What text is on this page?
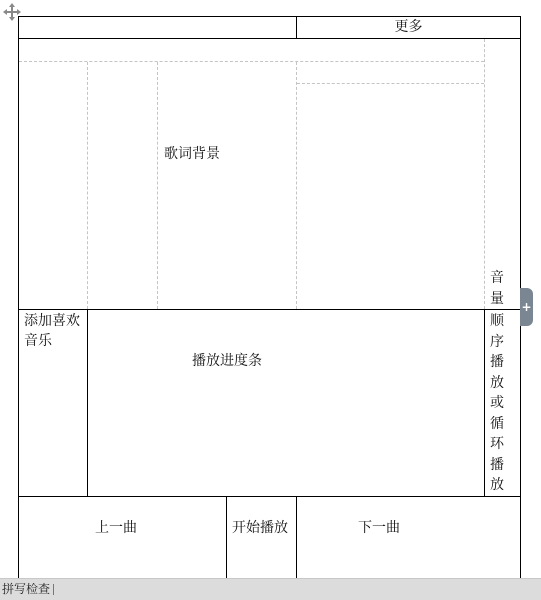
更多
歌词背景
音量
添加喜欢音乐
播放进度条
顺序播放或循环播放
上一曲	开始播放	下一曲
+
拼写检查
